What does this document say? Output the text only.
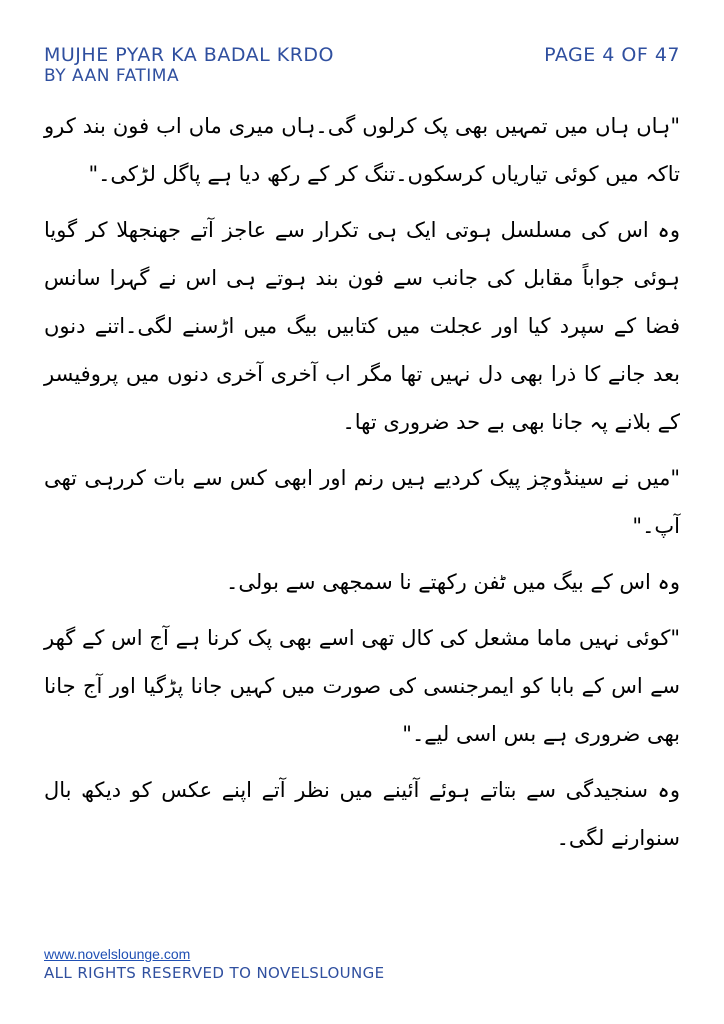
MUJHE PYAR KA BADAL KRDO	PAGE 4 OF 47
BY AAN FATIMA

"ہاں ہاں میں تمہیں بھی پک کرلوں گی۔ہاں میری ماں اب فون بند کرو تاکہ میں کوئی تیاریاں کرسکوں۔تنگ کر کے رکھ دیا ہے پاگل لڑکی۔"

وہ اس کی مسلسل ہوتی ایک ہی تکرار سے عاجز آتے جھنجھلا کر گویا ہوئی جواباً مقابل کی جانب سے فون بند ہوتے ہی اس نے گہرا سانس فضا کے سپرد کیا اور عجلت میں کتابیں بیگ میں اڑسنے لگی۔اتنے دنوں بعد جانے کا ذرا بھی دل نہیں تھا مگر اب آخری آخری دنوں میں پروفیسر کے بلانے پہ جانا بھی بے حد ضروری تھا۔

"میں نے سینڈوچز پیک کردیے ہیں رنم اور ابھی کس سے بات کررہی تھی آپ۔"

وہ اس کے بیگ میں ٹفن رکھتے نا سمجھی سے بولی۔

"کوئی نہیں ماما مشعل کی کال تھی اسے بھی پک کرنا ہے آج اس کے گھر سے اس کے بابا کو ایمرجنسی کی صورت میں کہیں جانا پڑگیا اور آج جانا بھی ضروری ہے بس اسی لیے۔"

وہ سنجیدگی سے بتاتے ہوئے آئینے میں نظر آتے اپنے عکس کو دیکھ بال سنوارنے لگی۔

www.novelslounge.com
ALL RIGHTS RESERVED TO NOVELSLOUNGE
